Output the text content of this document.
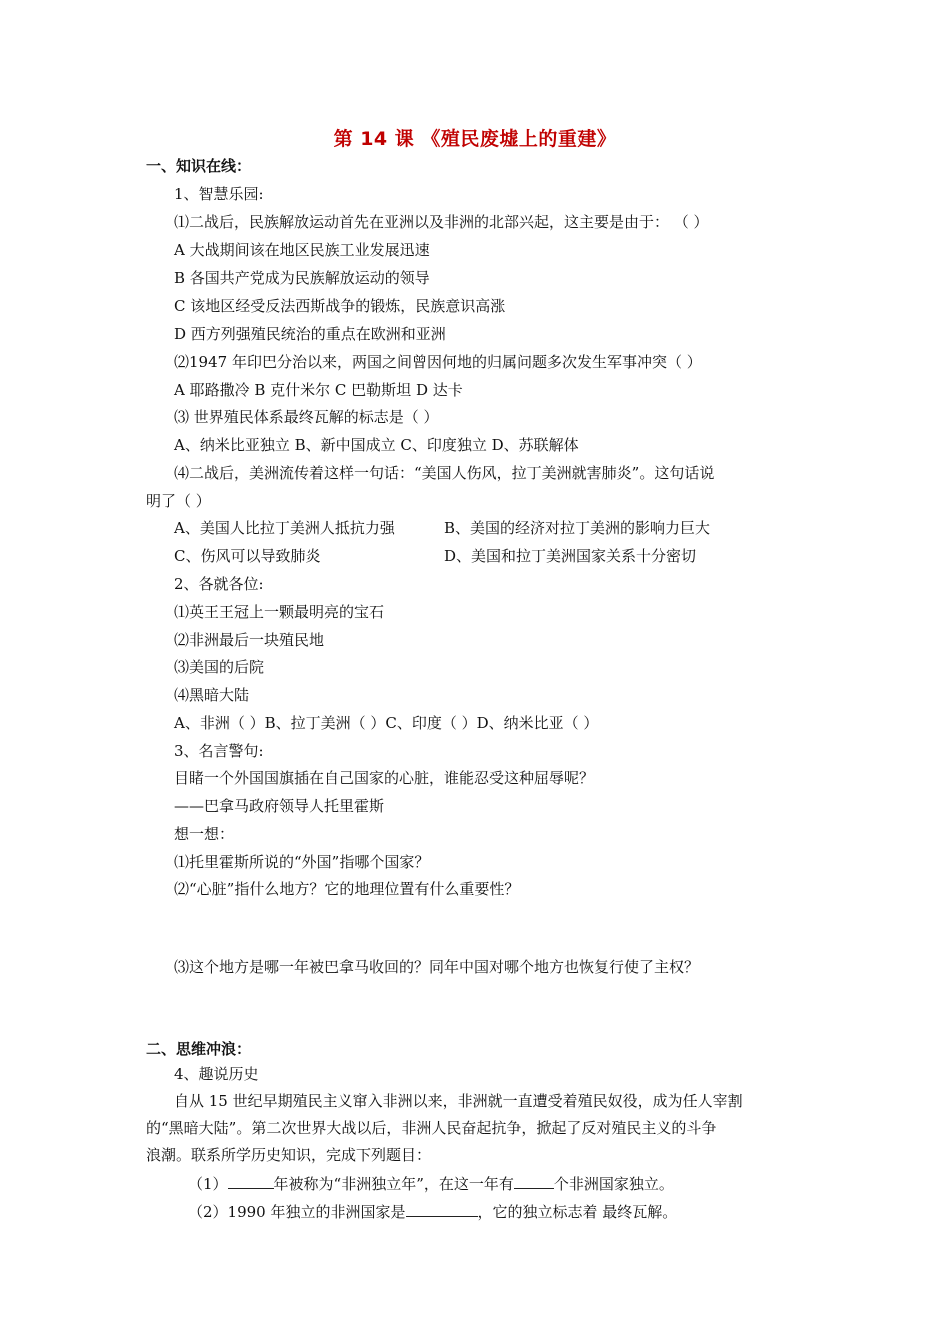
第 14 课 《殖民废墟上的重建》
一、知识在线：
1、智慧乐园:
⑴二战后，民族解放运动首先在亚洲以及非洲的北部兴起，这主要是由于： （ ）
A 大战期间该在地区民族工业发展迅速
B 各国共产党成为民族解放运动的领导
C 该地区经受反法西斯战争的锻炼，民族意识高涨
D 西方列强殖民统治的重点在欧洲和亚洲
⑵1947 年印巴分治以来，两国之间曾因何地的归属问题多次发生军事冲突（ ）
A 耶路撒冷 B 克什米尔 C 巴勒斯坦 D 达卡
⑶ 世界殖民体系最终瓦解的标志是（ ）
A、纳米比亚独立 B、新中国成立 C、印度独立 D、苏联解体
⑷二战后，美洲流传着这样一句话：“美国人伤风，拉丁美洲就害肺炎”。这句话说
明了（ ）
A、美国人比拉丁美洲人抵抗力强	B、美国的经济对拉丁美洲的影响力巨大
C、伤风可以导致肺炎	D、美国和拉丁美洲国家关系十分密切
2、各就各位:
⑴英王王冠上一颗最明亮的宝石
⑵非洲最后一块殖民地
⑶美国的后院
⑷黑暗大陆
A、非洲（ ）B、拉丁美洲（ ）C、印度（ ）D、纳米比亚（ ）
3、名言警句:
目睹一个外国国旗插在自己国家的心脏，谁能忍受这种屈辱呢？
——巴拿马政府领导人托里霍斯
想一想：
⑴托里霍斯所说的“外国”指哪个国家？
⑵“心脏”指什么地方？它的地理位置有什么重要性？
⑶这个地方是哪一年被巴拿马收回的？同年中国对哪个地方也恢复行使了主权？
二、思维冲浪：
4、趣说历史
自从 15 世纪早期殖民主义窜入非洲以来，非洲就一直遭受着殖民奴役，成为任人宰割
的“黑暗大陆”。第二次世界大战以后，非洲人民奋起抗争，掀起了反对殖民主义的斗争
浪潮。联系所学历史知识，完成下列题目：
（1）	年被称为“非洲独立年”，在这一年有	个非洲国家独立。
（2）1990 年独立的非洲国家是	，它的独立标志着 最终瓦解。
